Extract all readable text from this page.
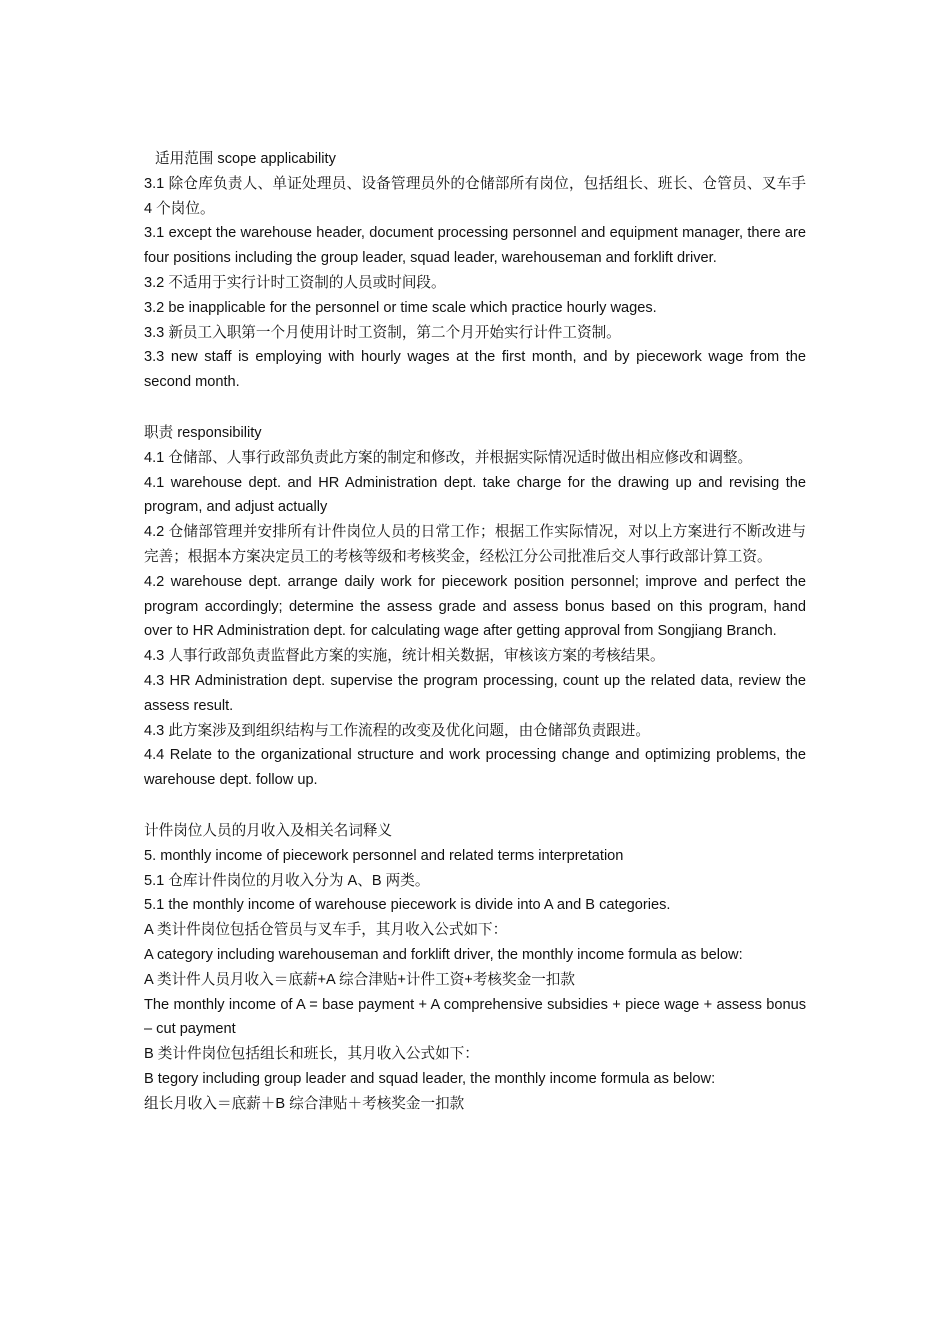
适用范围 scope applicability

3.1 除仓库负责人、单证处理员、设备管理员外的仓储部所有岗位，包括组长、班长、仓管员、叉车手 4 个岗位。

3.1 except the warehouse header, document processing personnel and equipment manager, there are four positions including the group leader, squad leader, warehouseman and forklift driver.

3.2 不适用于实行计时工资制的人员或时间段。

3.2 be inapplicable for the personnel or time scale which practice hourly wages.

3.3 新员工入职第一个月使用计时工资制，第二个月开始实行计件工资制。

3.3 new staff is employing with hourly wages at the first month, and by piecework wage from the second month.

职责 responsibility

4.1 仓储部、人事行政部负责此方案的制定和修改，并根据实际情况适时做出相应修改和调整。

4.1 warehouse dept. and HR Administration dept. take charge for the drawing up and revising the program, and adjust actually

4.2 仓储部管理并安排所有计件岗位人员的日常工作；根据工作实际情况，对以上方案进行不断改进与完善；根据本方案决定员工的考核等级和考核奖金，经松江分公司批准后交人事行政部计算工资。

4.2 warehouse dept. arrange daily work for piecework position personnel; improve and perfect the program accordingly; determine the assess grade and assess bonus based on this program, hand over to HR Administration dept. for calculating wage after getting approval from Songjiang Branch.

4.3 人事行政部负责监督此方案的实施，统计相关数据，审核该方案的考核结果。

4.3 HR Administration dept. supervise the program processing, count up the related data, review the assess result.

4.3 此方案涉及到组织结构与工作流程的改变及优化问题，由仓储部负责跟进。

4.4 Relate to the organizational structure and work processing change and optimizing problems, the warehouse dept. follow up.

计件岗位人员的月收入及相关名词释义

5. monthly income of piecework personnel and related terms interpretation

5.1 仓库计件岗位的月收入分为 A、B 两类。

5.1 the monthly income of warehouse piecework is divide into A and B categories.

A 类计件岗位包括仓管员与叉车手，其月收入公式如下：

A category including warehouseman and forklift driver, the monthly income formula as below:

A 类计件人员月收入＝底薪+A 综合津贴+计件工资+考核奖金一扣款

The monthly income of A = base payment + A comprehensive subsidies + piece wage + assess bonus – cut payment

B 类计件岗位包括组长和班长，其月收入公式如下：

B tegory including group leader and squad leader, the monthly income formula as below:

组长月收入＝底薪＋B 综合津贴＋考核奖金一扣款
